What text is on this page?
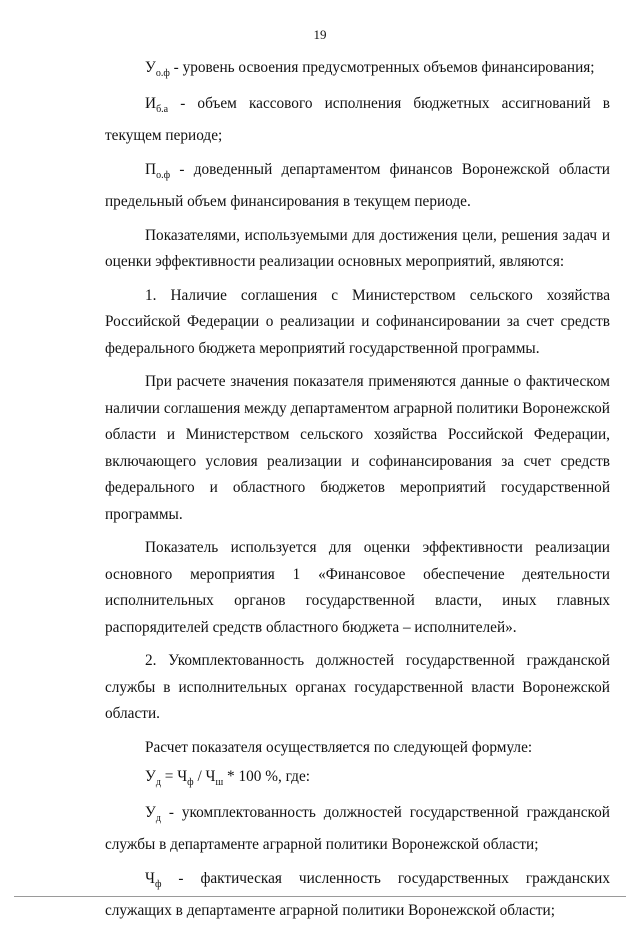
19

$У_{о.ф}$ - уровень освоения предусмотренных объемов финансирования;

$И_{б.а}$ - объем кассового исполнения бюджетных ассигнований в текущем периоде;

$П_{о.ф}$ - доведенный департаментом финансов Воронежской области предельный объем финансирования в текущем периоде.

Показателями, используемыми для достижения цели, решения задач и оценки эффективности реализации основных мероприятий, являются:

1. Наличие соглашения с Министерством сельского хозяйства Российской Федерации о реализации и софинансировании за счет средств федерального бюджета мероприятий государственной программы.

При расчете значения показателя применяются данные о фактическом наличии соглашения между департаментом аграрной политики Воронежской области и Министерством сельского хозяйства Российской Федерации, включающего условия реализации и софинансирования за счет средств федерального и областного бюджетов мероприятий государственной программы.

Показатель используется для оценки эффективности реализации основного мероприятия 1 «Финансовое обеспечение деятельности исполнительных органов государственной власти, иных главных распорядителей средств областного бюджета – исполнителей».

2. Укомплектованность должностей государственной гражданской службы в исполнительных органах государственной власти Воронежской области.

Расчет показателя осуществляется по следующей формуле:

$У_д = Ч_ф / Ч_ш * 100$ %, где:

$У_д$ - укомплектованность должностей государственной гражданской службы в департаменте аграрной политики Воронежской области;

$Ч_ф$ - фактическая численность государственных гражданских служащих в департаменте аграрной политики Воронежской области;
